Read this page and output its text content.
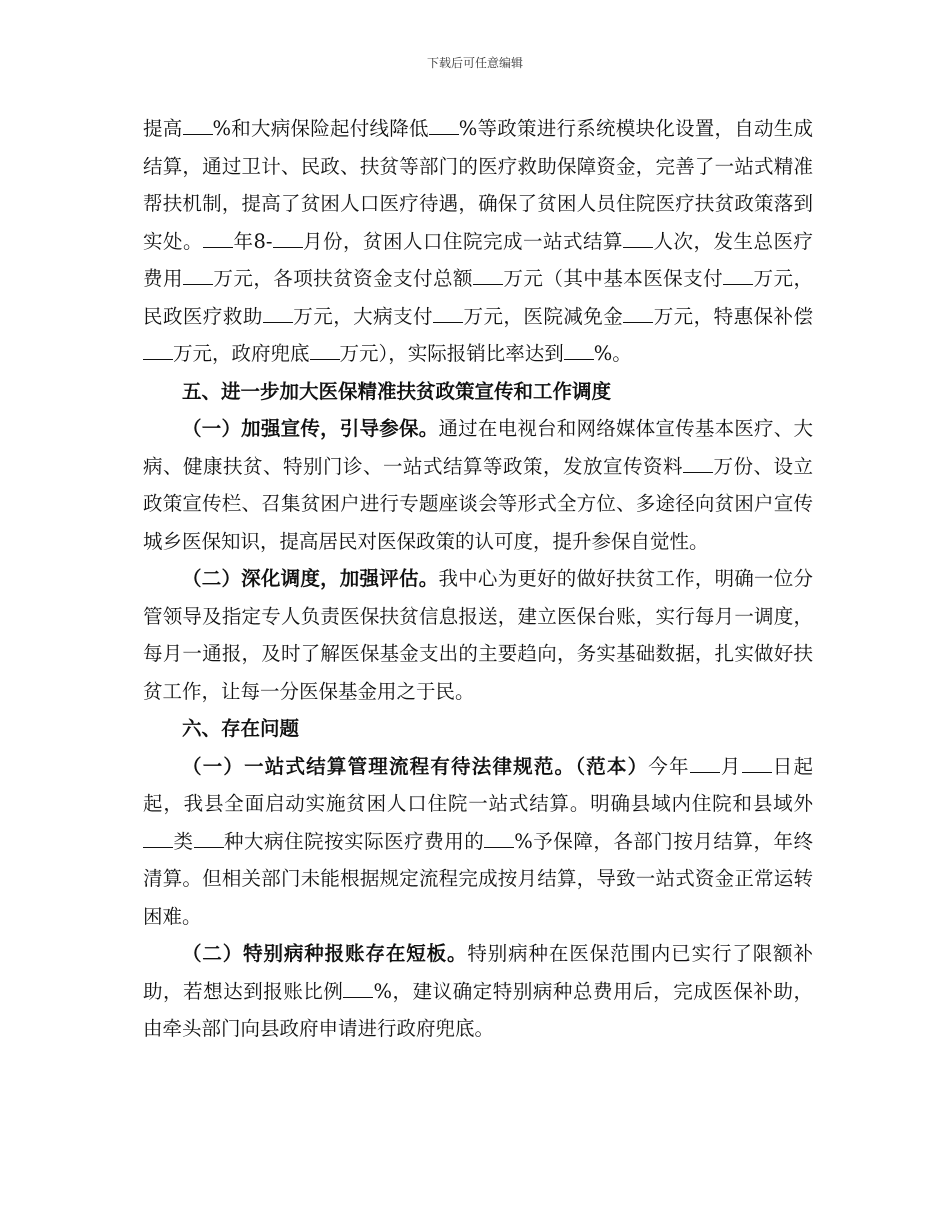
下载后可任意编辑

提高 %和大病保险起付线降低 %等政策进行系统模块化设置，自动生成结算，通过卫计、民政、扶贫等部门的医疗救助保障资金，完善了一站式精准帮扶机制，提高了贫困人口医疗待遇，确保了贫困人员住院医疗扶贫政策落到实处。 年8- 月份，贫困人口住院完成一站式结算 人次，发生总医疗费用 万元，各项扶贫资金支付总额 万元（其中基本医保支付 万元，民政医疗救助 万元，大病支付 万元，医院减免金 万元，特惠保补偿万元，政府兜底 万元），实际报销比率达到 %。

五、进一步加大医保精准扶贫政策宣传和工作调度

（一）加强宣传，引导参保。通过在电视台和网络媒体宣传基本医疗、大病、健康扶贫、特别门诊、一站式结算等政策，发放宣传资料 万份、设立政策宣传栏、召集贫困户进行专题座谈会等形式全方位、多途径向贫困户宣传城乡医保知识，提高居民对医保政策的认可度，提升参保自觉性。

（二）深化调度，加强评估。我中心为更好的做好扶贫工作，明确一位分管领导及指定专人负责医保扶贫信息报送，建立医保台账，实行每月一调度，每月一通报，及时了解医保基金支出的主要趋向，务实基础数据，扎实做好扶贫工作，让每一分医保基金用之于民。

六、存在问题

（一）一站式结算管理流程有待法律规范。（范本）今年 月 日起起，我县全面启动实施贫困人口住院一站式结算。明确县域内住院和县域外类 种大病住院按实际医疗费用的 %予保障，各部门按月结算，年终清算。但相关部门未能根据规定流程完成按月结算，导致一站式资金正常运转困难。

（二）特别病种报账存在短板。特别病种在医保范围内已实行了限额补助，若想达到报账比例 %，建议确定特别病种总费用后，完成医保补助，由牵头部门向县政府申请进行政府兜底。
